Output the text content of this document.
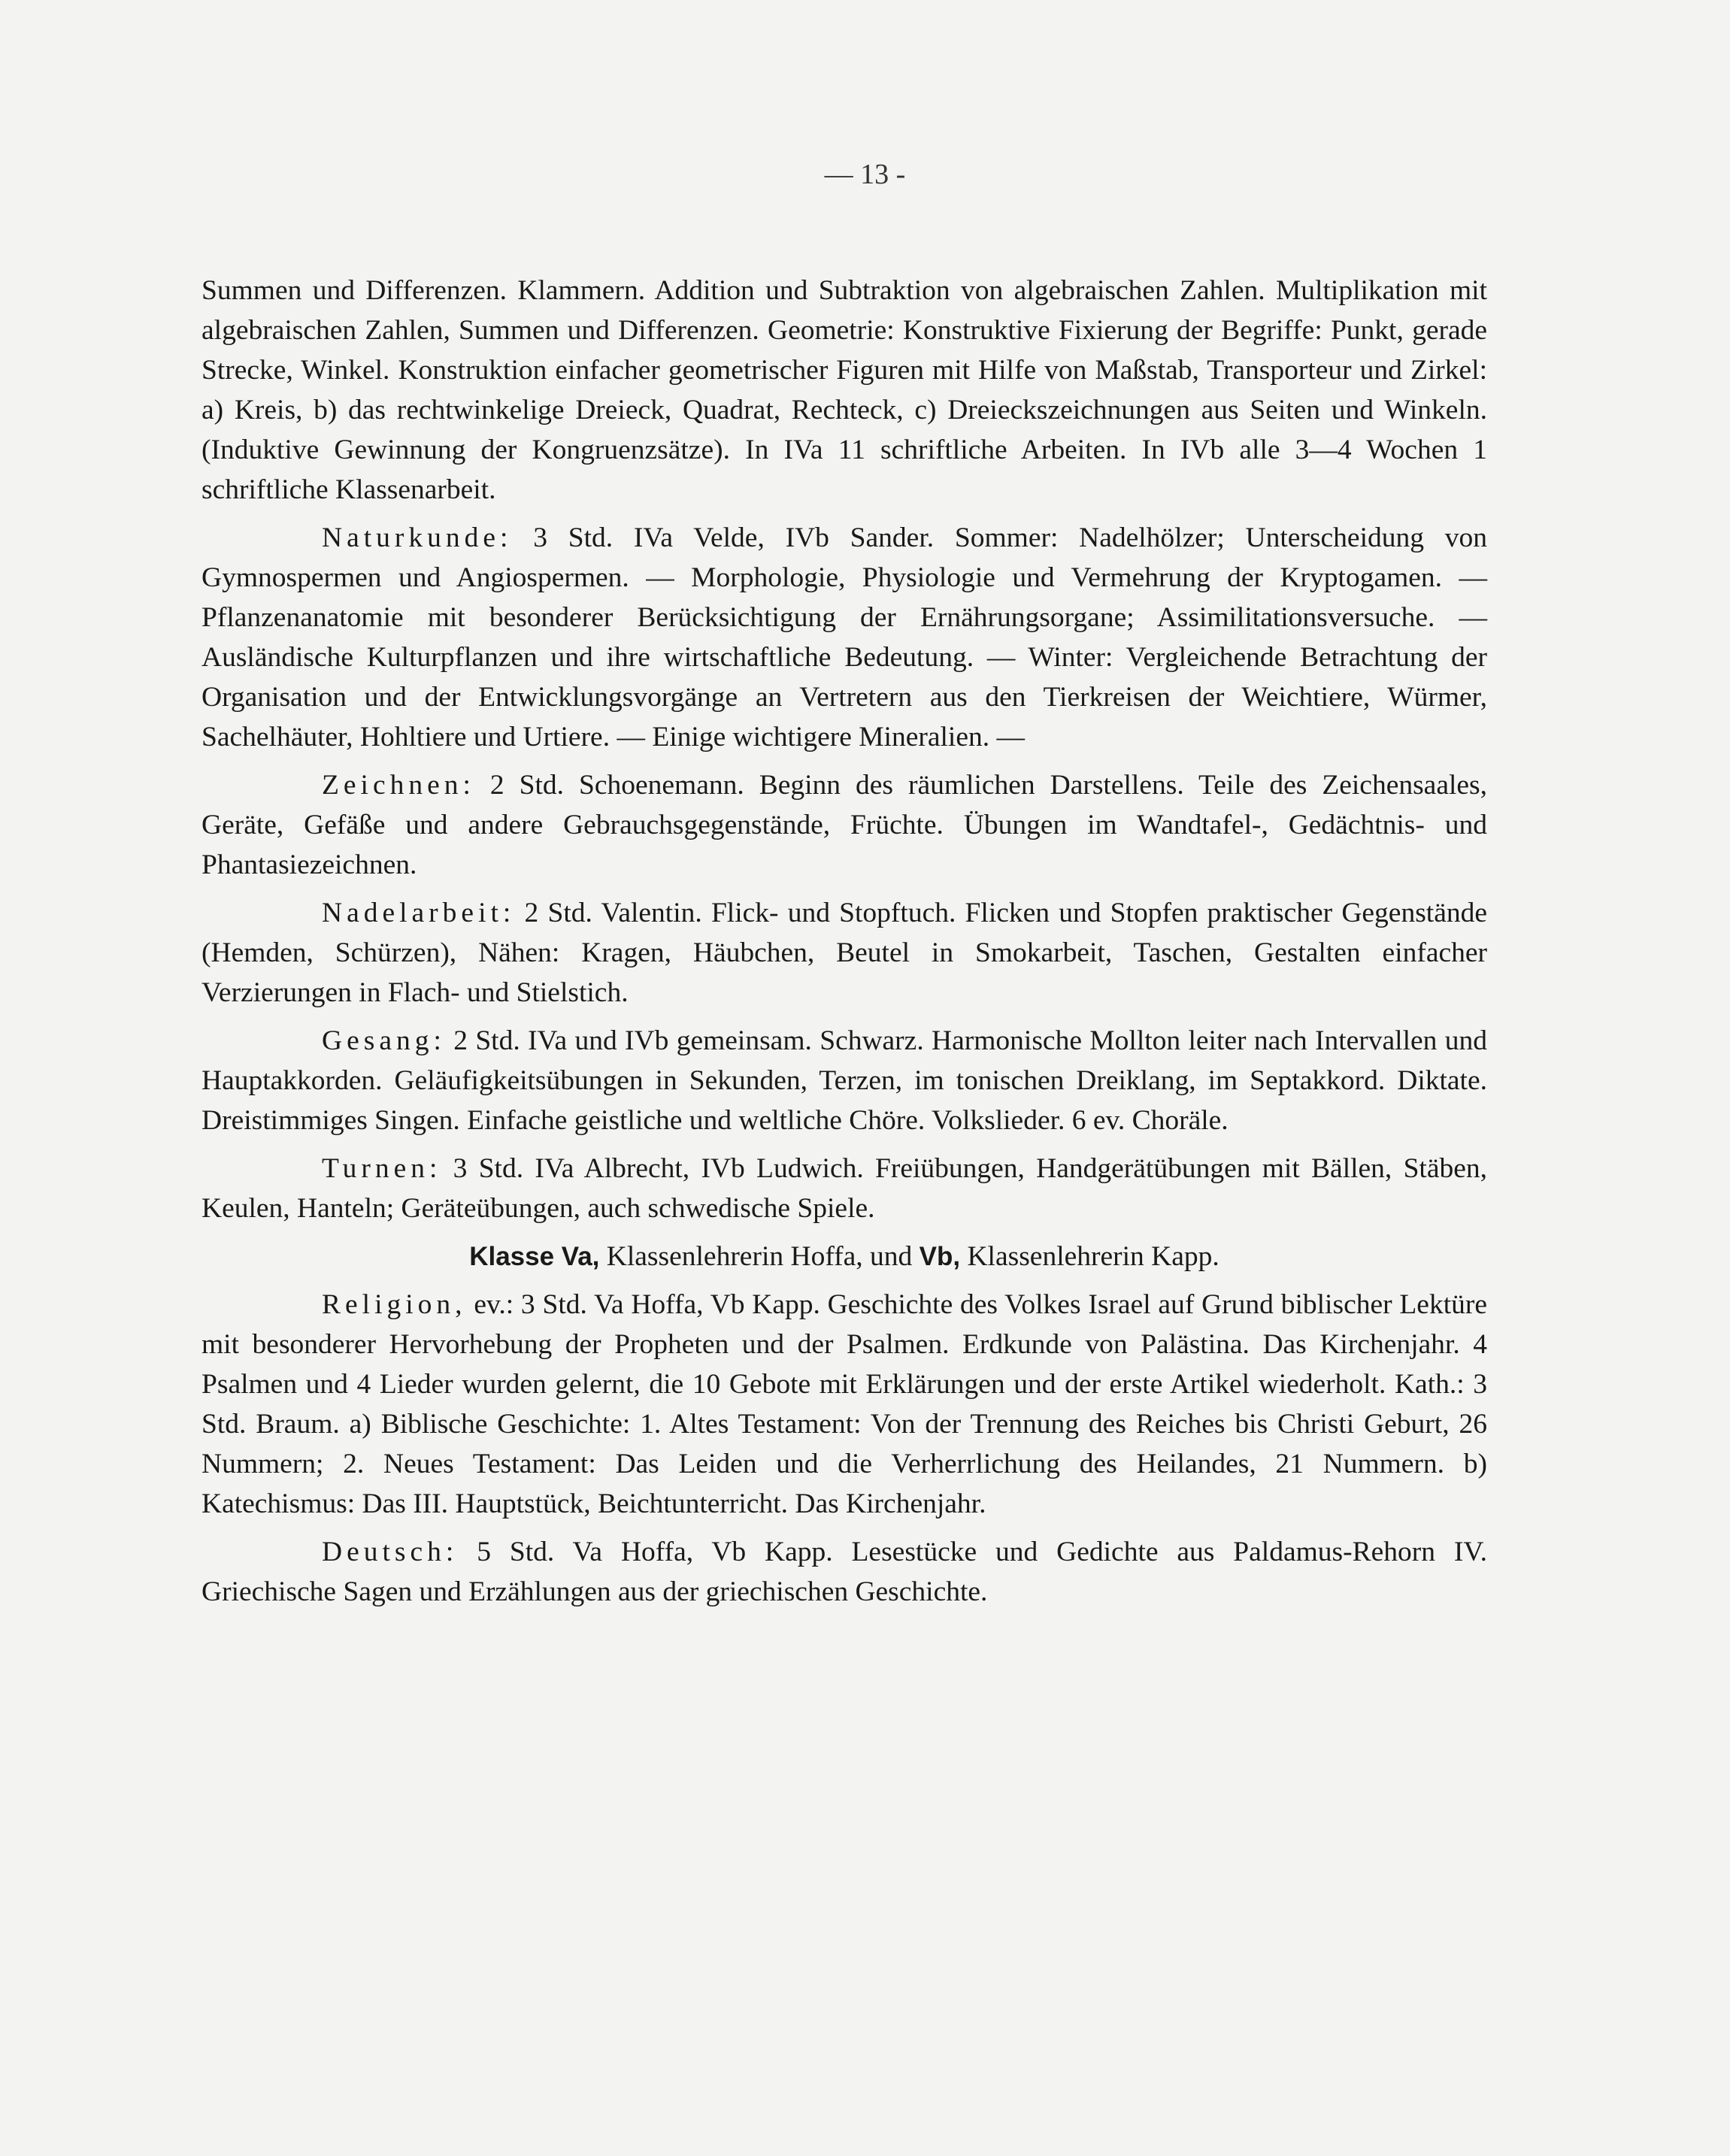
— 13 -

Summen und Differenzen. Klammern. Addition und Subtraktion von algebraischen Zahlen. Multiplikation mit algebraischen Zahlen, Summen und Differenzen. Geometrie: Konstruktive Fixierung der Begriffe: Punkt, gerade Strecke, Winkel. Konstruktion einfacher geometrischer Figuren mit Hilfe von Maßstab, Transporteur und Zirkel: a) Kreis, b) das rechtwinkelige Dreieck, Quadrat, Rechteck, c) Dreieckszeichnungen aus Seiten und Winkeln. (Induktive Gewinnung der Kongruenzsätze). In IVa 11 schriftliche Arbeiten. In IVb alle 3—4 Wochen 1 schriftliche Klassenarbeit.

Naturkunde: 3 Std. IVa Velde, IVb Sander. Sommer: Nadelhölzer; Unterscheidung von Gymnospermen und Angiospermen. — Morphologie, Physiologie und Vermehrung der Kryptogamen. — Pflanzenanatomie mit besonderer Berücksichtigung der Ernährungsorgane; Assimilitationsversuche. — Ausländische Kulturpflanzen und ihre wirtschaftliche Bedeutung. — Winter: Vergleichende Betrachtung der Organisation und der Entwicklungsvorgänge an Vertretern aus den Tierkreisen der Weichtiere, Würmer, Sachelhäuter, Hohltiere und Urtiere. — Einige wichtigere Mineralien. —

Zeichnen: 2 Std. Schoenemann. Beginn des räumlichen Darstellens. Teile des Zeichensaales, Geräte, Gefäße und andere Gebrauchsgegenstände, Früchte. Übungen im Wandtafel-, Gedächtnis- und Phantasiezeichnen.

Nadelarbeit: 2 Std. Valentin. Flick- und Stopftuch. Flicken und Stopfen praktischer Gegenstände (Hemden, Schürzen), Nähen: Kragen, Häubchen, Beutel in Smokarbeit, Taschen, Gestalten einfacher Verzierungen in Flach- und Stielstich.

Gesang: 2 Std. IVa und IVb gemeinsam. Schwarz. Harmonische Mollton leiter nach Intervallen und Hauptakkorden. Geläufigkeitsübungen in Sekunden, Terzen, im tonischen Dreiklang, im Septakkord. Diktate. Dreistimmiges Singen. Einfache geistliche und weltliche Chöre. Volkslieder. 6 ev. Choräle.

Turnen: 3 Std. IVa Albrecht, IVb Ludwich. Freiübungen, Handgerätübungen mit Bällen, Stäben, Keulen, Hanteln; Geräteübungen, auch schwedische Spiele.

Klasse Va, Klassenlehrerin Hoffa, und Vb, Klassenlehrerin Kapp.

Religion, ev.: 3 Std. Va Hoffa, Vb Kapp. Geschichte des Volkes Israel auf Grund biblischer Lektüre mit besonderer Hervorhebung der Propheten und der Psalmen. Erdkunde von Palästina. Das Kirchenjahr. 4 Psalmen und 4 Lieder wurden gelernt, die 10 Gebote mit Erklärungen und der erste Artikel wiederholt. Kath.: 3 Std. Braum. a) Biblische Geschichte: 1. Altes Testament: Von der Trennung des Reiches bis Christi Geburt, 26 Nummern; 2. Neues Testament: Das Leiden und die Verherrlichung des Heilandes, 21 Nummern. b) Katechismus: Das III. Hauptstück, Beichtunterricht. Das Kirchenjahr.

Deutsch: 5 Std. Va Hoffa, Vb Kapp. Lesestücke und Gedichte aus Paldamus-Rehorn IV. Griechische Sagen und Erzählungen aus der griechischen Geschichte.
